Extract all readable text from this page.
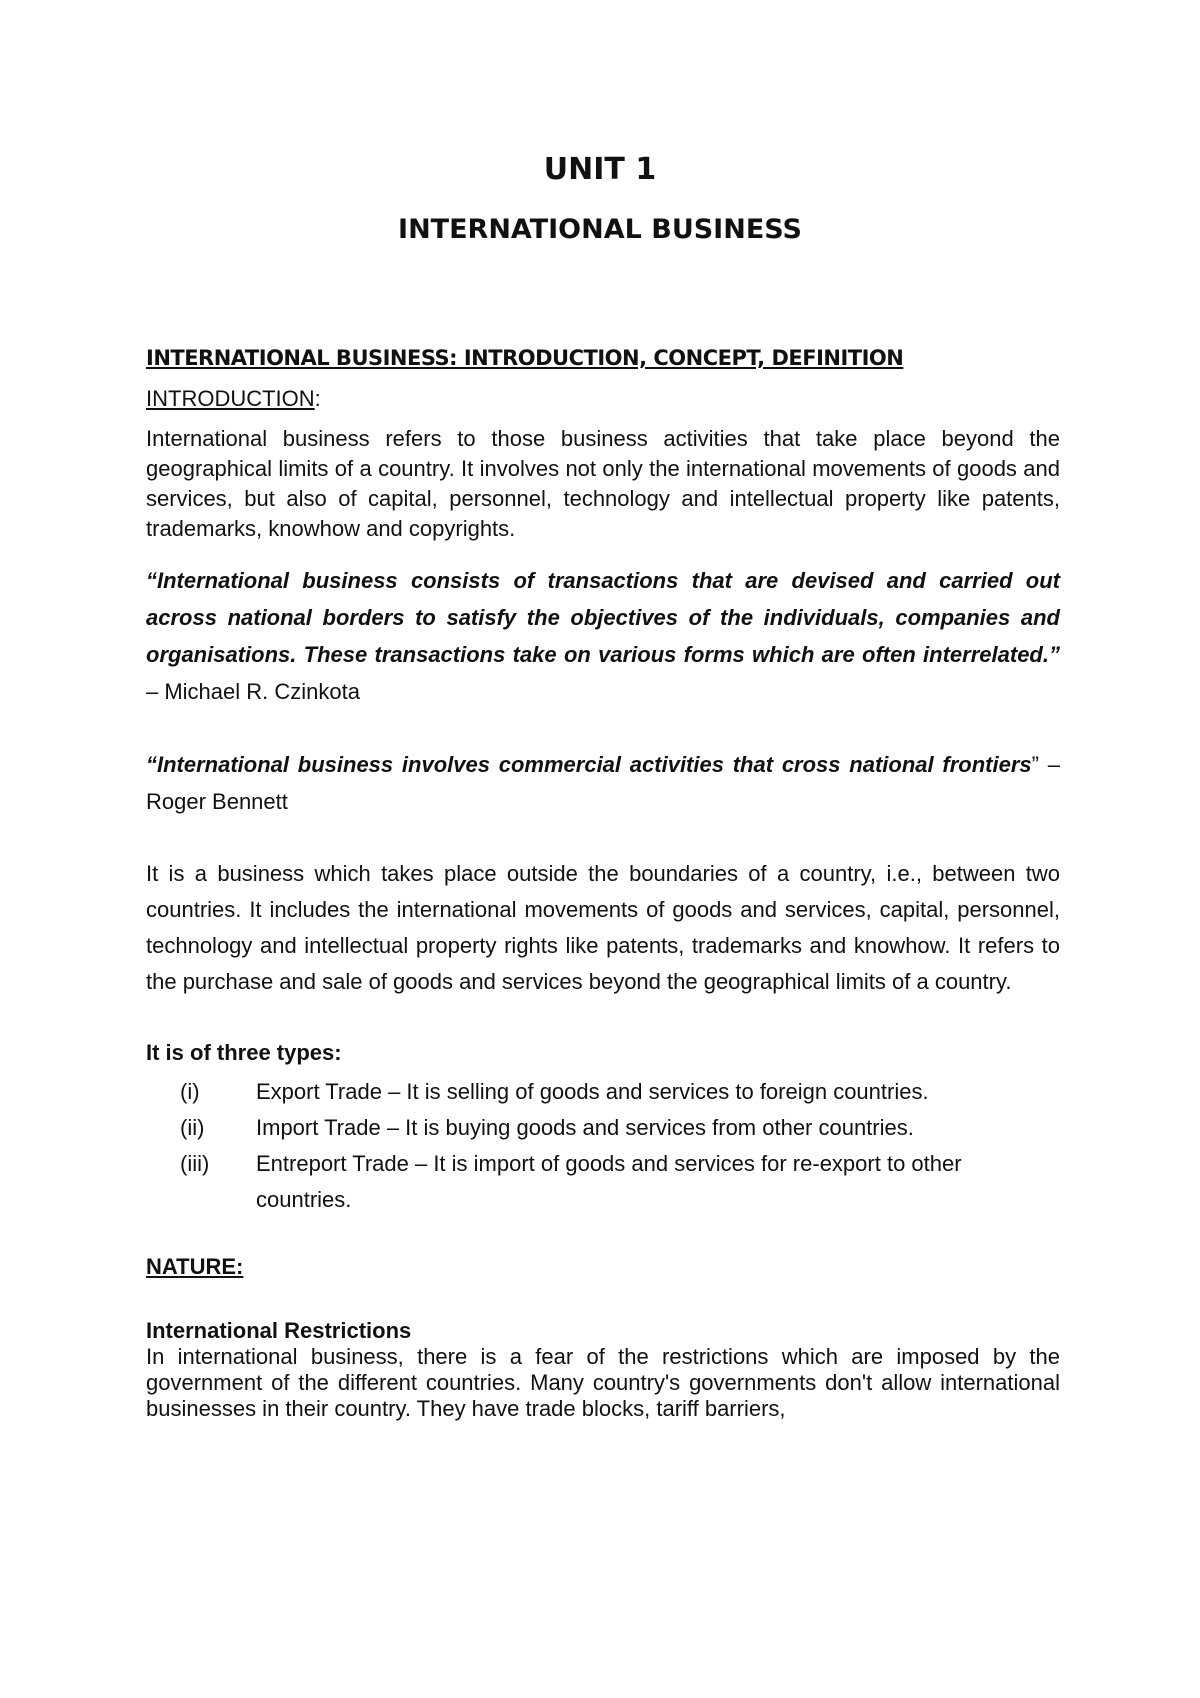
UNIT 1
INTERNATIONAL BUSINESS

INTERNATIONAL BUSINESS: INTRODUCTION, CONCEPT, DEFINITION

INTRODUCTION:

International business refers to those business activities that take place beyond the geographical limits of a country. It involves not only the international movements of goods and services, but also of capital, personnel, technology and intellectual property like patents, trademarks, knowhow and copyrights.

“International business consists of transactions that are devised and carried out across national borders to satisfy the objectives of the individuals, companies and organisations. These transactions take on various forms which are often interrelated.” – Michael R. Czinkota

“International business involves commercial activities that cross national frontiers” – Roger Bennett

It is a business which takes place outside the boundaries of a country, i.e., between two countries. It includes the international movements of goods and services, capital, personnel, technology and intellectual property rights like patents, trademarks and knowhow. It refers to the purchase and sale of goods and services beyond the geographical limits of a country.

It is of three types:

(i)	Export Trade – It is selling of goods and services to foreign countries.
(ii)	Import Trade – It is buying goods and services from other countries.
(iii)	Entreport Trade – It is import of goods and services for re-export to other countries.

NATURE:

International Restrictions

In international business, there is a fear of the restrictions which are imposed by the government of the different countries. Many country's governments don't allow international businesses in their country. They have trade blocks, tariff barriers,
